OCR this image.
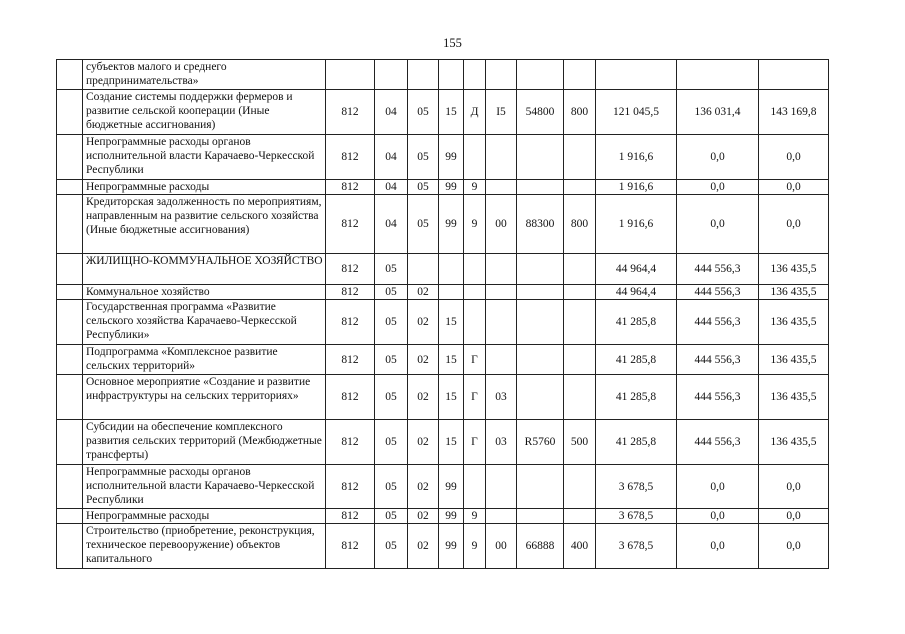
155
	субъектов малого и среднего предпринимательства»											
	Создание системы поддержки фермеров и развитие сельской кооперации (Иные бюджетные ассигнования)	812	04	05	15	Д	I5	54800	800	121 045,5	136 031,4	143 169,8
	Непрограммные расходы органов исполнительной власти Карачаево-Черкесской Республики	812	04	05	99					1 916,6	0,0	0,0
	Непрограммные расходы	812	04	05	99	9				1 916,6	0,0	0,0
	Кредиторская задолженность по мероприятиям, направленным на развитие сельского хозяйства (Иные бюджетные ассигнования)	812	04	05	99	9	00	88300	800	1 916,6	0,0	0,0
	ЖИЛИЩНО-КОММУНАЛЬНОЕ ХОЗЯЙСТВО	812	05							44 964,4	444 556,3	136 435,5
	Коммунальное хозяйство	812	05	02						44 964,4	444 556,3	136 435,5
	Государственная программа «Развитие сельского хозяйства Карачаево-Черкесской Республики»	812	05	02	15					41 285,8	444 556,3	136 435,5
	Подпрограмма «Комплексное развитие сельских территорий»	812	05	02	15	Г				41 285,8	444 556,3	136 435,5
	Основное мероприятие «Создание и развитие инфраструктуры на сельских территориях»	812	05	02	15	Г	03			41 285,8	444 556,3	136 435,5
	Субсидии на обеспечение комплексного развития сельских территорий (Межбюджетные трансферты)	812	05	02	15	Г	03	R5760	500	41 285,8	444 556,3	136 435,5
	Непрограммные расходы органов исполнительной власти Карачаево-Черкесской Республики	812	05	02	99					3 678,5	0,0	0,0
	Непрограммные расходы	812	05	02	99	9				3 678,5	0,0	0,0
	Строительство (приобретение, реконструкция, техническое перевооружение) объектов капитального	812	05	02	99	9	00	66888	400	3 678,5	0,0	0,0
